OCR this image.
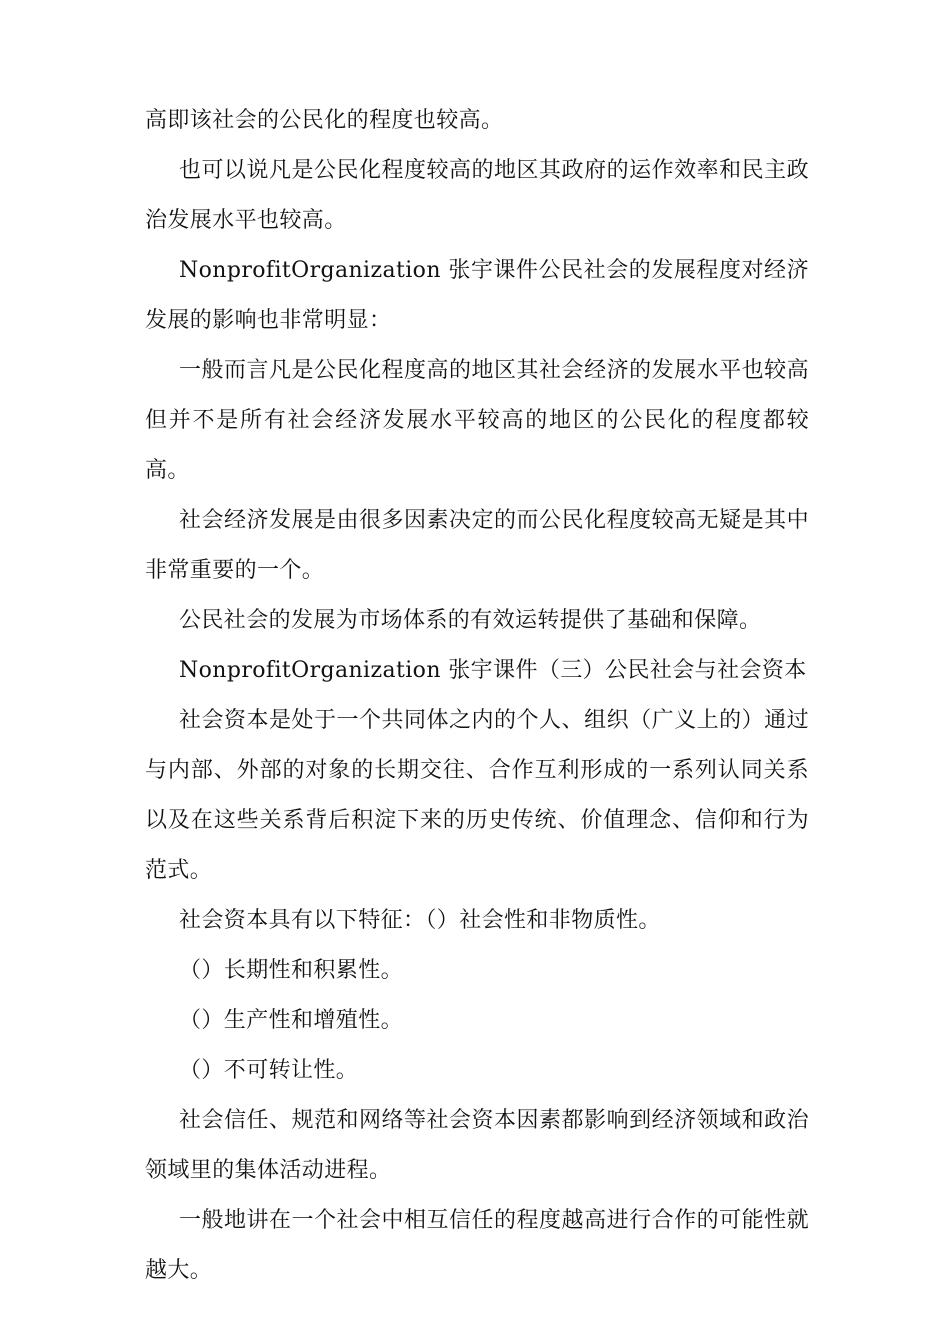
高即该社会的公民化的程度也较高。

也可以说凡是公民化程度较高的地区其政府的运作效率和民主政治发展水平也较高。

NonprofitOrganization 张宇课件公民社会的发展程度对经济发展的影响也非常明显：

一般而言凡是公民化程度高的地区其社会经济的发展水平也较高但并不是所有社会经济发展水平较高的地区的公民化的程度都较高。

社会经济发展是由很多因素决定的而公民化程度较高无疑是其中非常重要的一个。

公民社会的发展为市场体系的有效运转提供了基础和保障。

NonprofitOrganization 张宇课件（三）公民社会与社会资本

社会资本是处于一个共同体之内的个人、组织（广义上的）通过与内部、外部的对象的长期交往、合作互利形成的一系列认同关系以及在这些关系背后积淀下来的历史传统、价值理念、信仰和行为范式。

社会资本具有以下特征：（）社会性和非物质性。

（）长期性和积累性。

（）生产性和增殖性。

（）不可转让性。

社会信任、规范和网络等社会资本因素都影响到经济领域和政治领域里的集体活动进程。

一般地讲在一个社会中相互信任的程度越高进行合作的可能性就越大。
